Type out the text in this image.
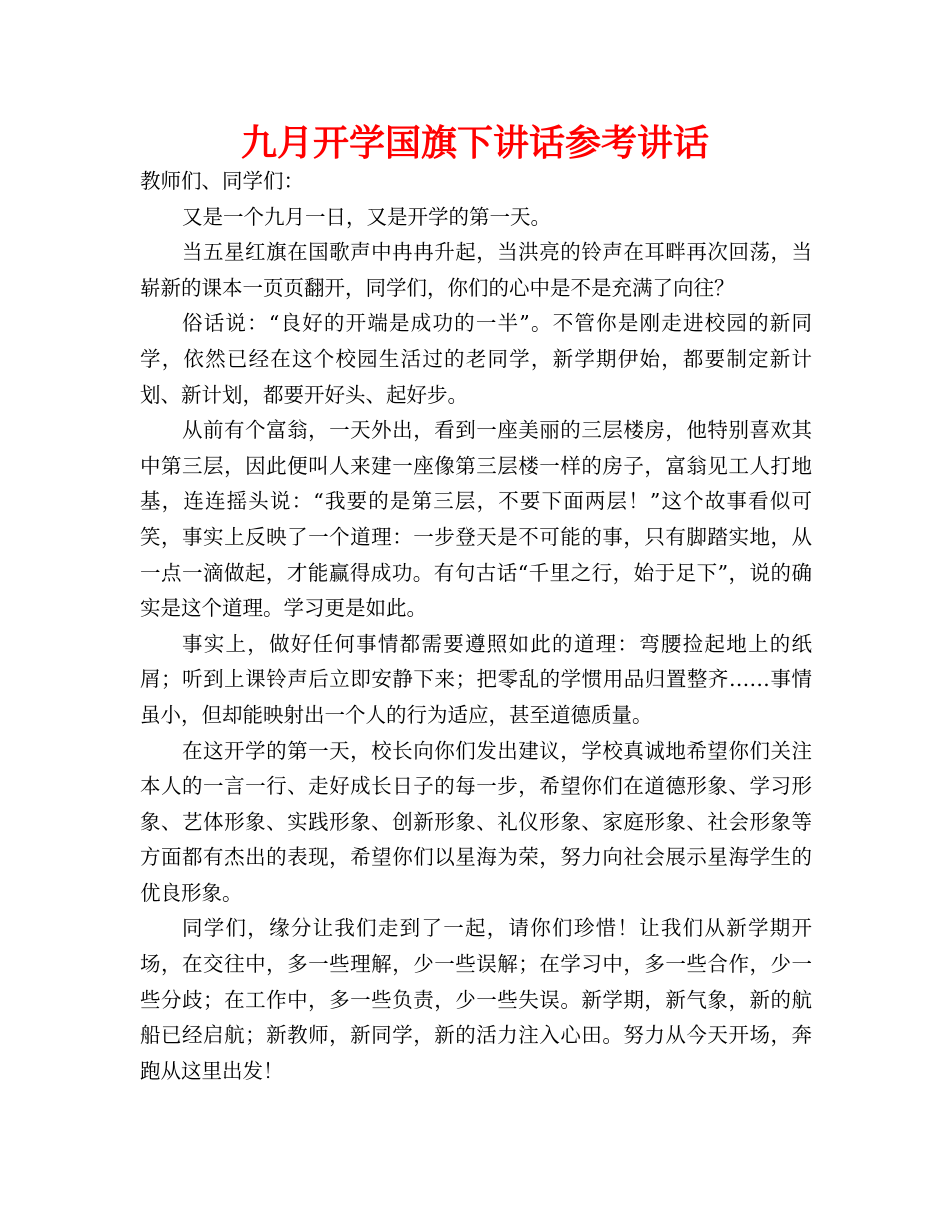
九月开学国旗下讲话参考讲话

教师们、同学们：

又是一个九月一日，又是开学的第一天。

当五星红旗在国歌声中冉冉升起，当洪亮的铃声在耳畔再次回荡，当崭新的课本一页页翻开，同学们，你们的心中是不是充满了向往？

俗话说：“良好的开端是成功的一半”。不管你是刚走进校园的新同学，依然已经在这个校园生活过的老同学，新学期伊始，都要制定新计划、新计划，都要开好头、起好步。

从前有个富翁，一天外出，看到一座美丽的三层楼房，他特别喜欢其中第三层，因此便叫人来建一座像第三层楼一样的房子，富翁见工人打地基，连连摇头说：“我要的是第三层，不要下面两层！”这个故事看似可笑，事实上反映了一个道理：一步登天是不可能的事，只有脚踏实地，从一点一滴做起，才能赢得成功。有句古话“千里之行，始于足下”，说的确实是这个道理。学习更是如此。

事实上，做好任何事情都需要遵照如此的道理：弯腰捡起地上的纸屑；听到上课铃声后立即安静下来；把零乱的学惯用品归置整齐……事情虽小，但却能映射出一个人的行为适应，甚至道德质量。

在这开学的第一天，校长向你们发出建议，学校真诚地希望你们关注本人的一言一行、走好成长日子的每一步，希望你们在道德形象、学习形象、艺体形象、实践形象、创新形象、礼仪形象、家庭形象、社会形象等方面都有杰出的表现，希望你们以星海为荣，努力向社会展示星海学生的优良形象。

同学们，缘分让我们走到了一起，请你们珍惜！让我们从新学期开场，在交往中，多一些理解，少一些误解；在学习中，多一些合作，少一些分歧；在工作中，多一些负责，少一些失误。新学期，新气象，新的航船已经启航；新教师，新同学，新的活力注入心田。努力从今天开场，奔跑从这里出发！
